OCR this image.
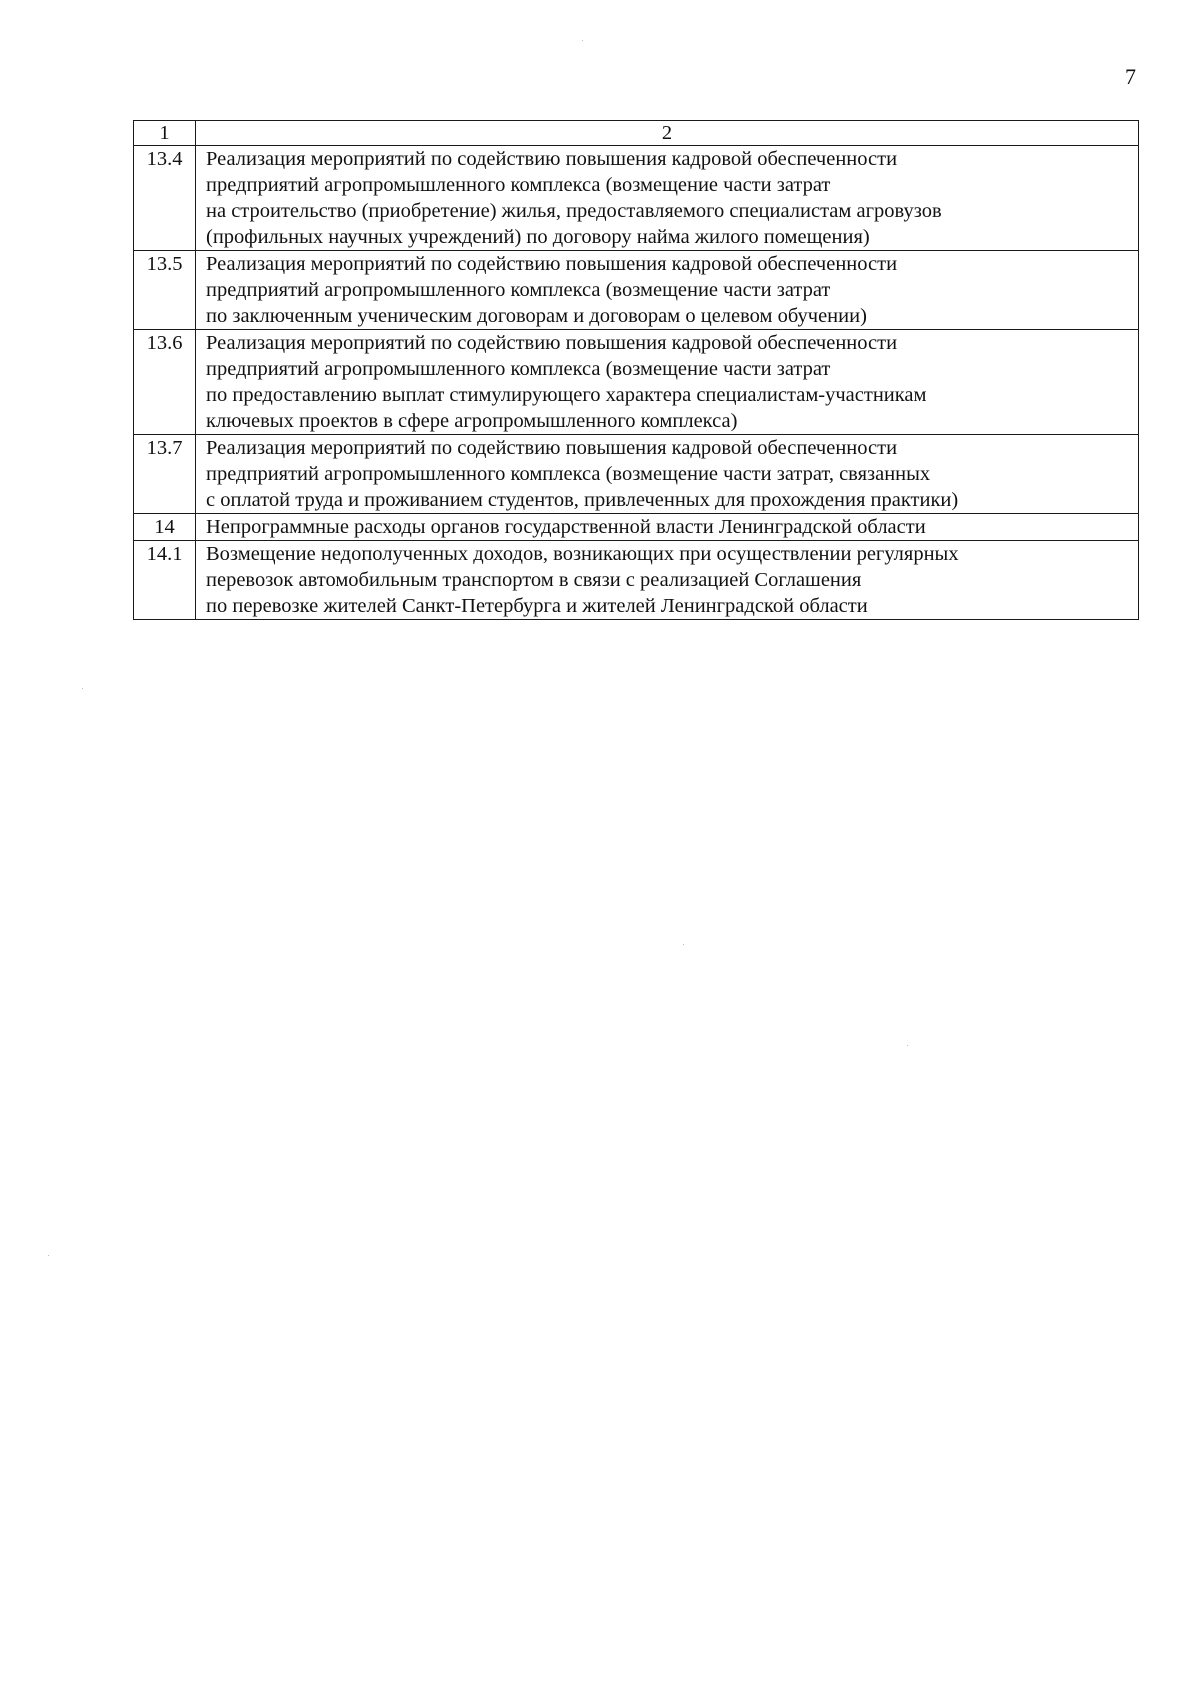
7
1	2
13.4	Реализация мероприятий по содействию повышения кадровой обеспеченности
предприятий агропромышленного комплекса (возмещение части затрат
на строительство (приобретение) жилья, предоставляемого специалистам агровузов
(профильных научных учреждений) по договору найма жилого помещения)

13.5	Реализация мероприятий по содействию повышения кадровой обеспеченности
предприятий агропромышленного комплекса (возмещение части затрат
по заключенным ученическим договорам и договорам о целевом обучении)

13.6	Реализация мероприятий по содействию повышения кадровой обеспеченности
предприятий агропромышленного комплекса (возмещение части затрат
по предоставлению выплат стимулирующего характера специалистам-участникам
ключевых проектов в сфере агропромышленного комплекса)

13.7	Реализация мероприятий по содействию повышения кадровой обеспеченности
предприятий агропромышленного комплекса (возмещение части затрат, связанных
с оплатой труда и проживанием студентов, привлеченных для прохождения практики)

14	Непрограммные расходы органов государственной власти Ленинградской области

14.1	Возмещение недополученных доходов, возникающих при осуществлении регулярных
перевозок автомобильным транспортом в связи с реализацией Соглашения
по перевозке жителей Санкт-Петербурга и жителей Ленинградской области
